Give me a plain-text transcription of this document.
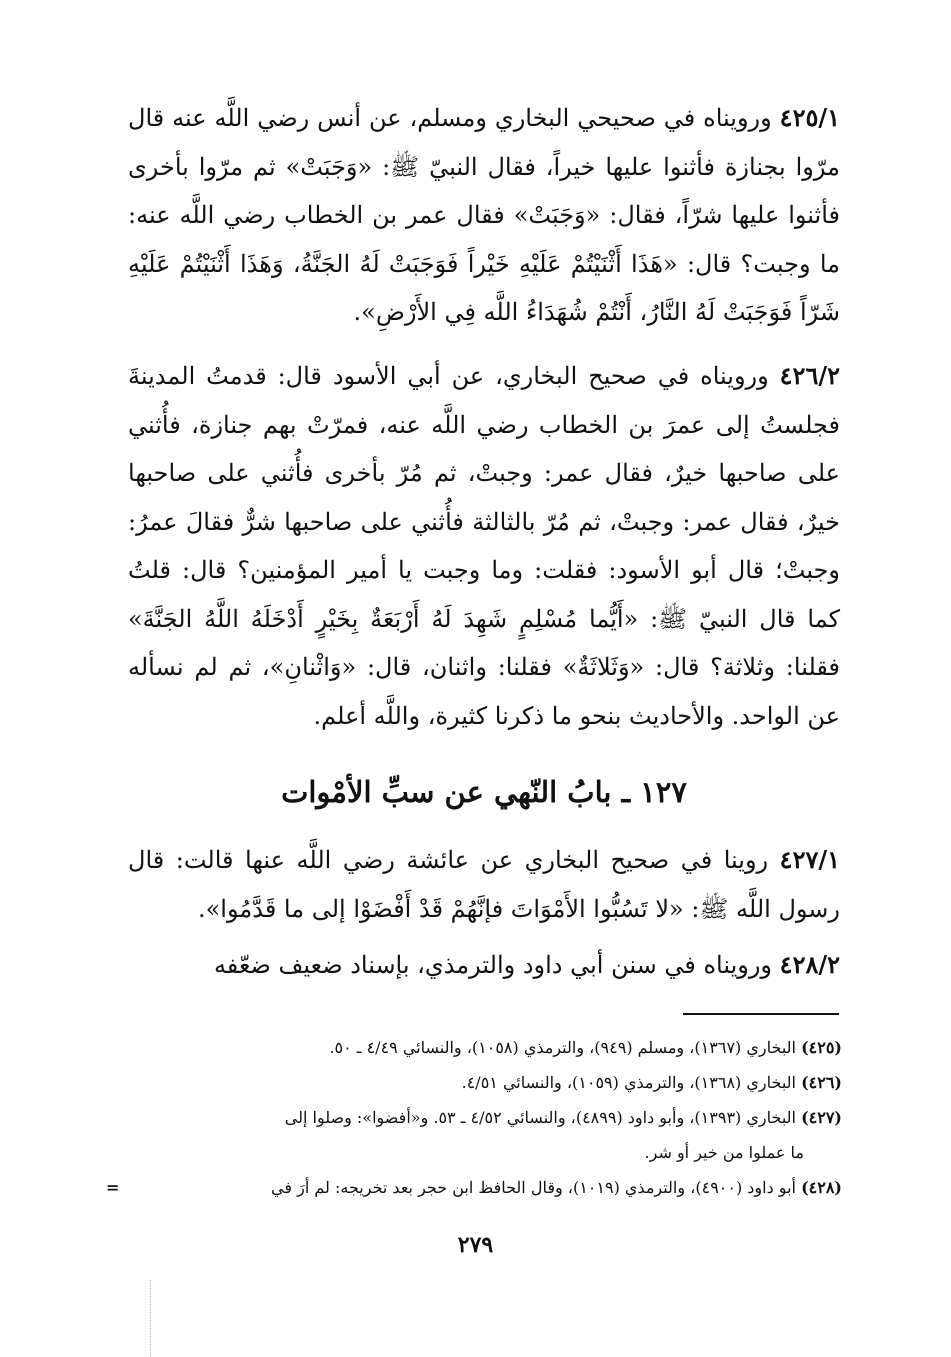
٤٢٥/١ ورويناه في صحيحي البخاري ومسلم، عن أنس رضي اللَّه عنه قال مرّوا بجنازة فأثنوا عليها خيراً، فقال النبيّ ﷺ: «وَجَبَتْ» ثم مرّوا بأخرى فأثنوا عليها شرّاً، فقال: «وَجَبَتْ» فقال عمر بن الخطاب رضي اللَّه عنه: ما وجبت؟ قال: «هَذَا أَثْنَيْتُمْ عَلَيْهِ خَيْراً فَوَجَبَتْ لَهُ الجَنَّةُ، وَهَذَا أَثْنَيْتُمْ عَلَيْهِ شَرّاً فَوَجَبَتْ لَهُ النَّارُ، أَنْتُمْ شُهَدَاءُ اللَّه فِي الأَرْضِ».
٤٢٦/٢ ورويناه في صحيح البخاري، عن أبي الأسود قال: قدمتُ المدينةَ فجلستُ إلى عمرَ بن الخطاب رضي اللَّه عنه، فمرّتْ بهم جنازة، فأُثني على صاحبها خيرٌ، فقال عمر: وجبتْ، ثم مُرّ بأخرى فأُثني على صاحبها خيرٌ، فقال عمر: وجبتْ، ثم مُرّ بالثالثة فأُثني على صاحبها شرٌّ فقالَ عمرُ: وجبتْ؛ قال أبو الأسود: فقلت: وما وجبت يا أمير المؤمنين؟ قال: قلتُ كما قال النبيّ ﷺ: «أَيُّما مُسْلِمٍ شَهِدَ لَهُ أَرْبَعَةٌ بِخَيْرٍ أَدْخَلَهُ اللَّهُ الجَنَّةَ» فقلنا: وثلاثة؟ قال: «وَثَلاثَةٌ» فقلنا: واثنان، قال: «وَاثْنانِ»، ثم لم نسأله عن الواحد. والأحاديث بنحو ما ذكرنا كثيرة، واللَّه أعلم.
١٢٧ ـ بابُ النّهي عن سبِّ الأمْوات
٤٢٧/١ روينا في صحيح البخاري عن عائشة رضي اللَّه عنها قالت: قال رسول اللَّه ﷺ: «لا تَسُبُّوا الأَمْوَاتَ فإنَّهُمْ قَدْ أَفْضَوْا إلى ما قَدَّمُوا».
٤٢٨/٢ ورويناه في سنن أبي داود والترمذي، بإسناد ضعيف ضعّفه
(٤٢٥) البخاري (١٣٦٧)، ومسلم (٩٤٩)، والترمذي (١٠٥٨)، والنسائي ٤/٤٩ ـ ٥٠.
(٤٢٦) البخاري (١٣٦٨)، والترمذي (١٠٥٩)، والنسائي ٤/٥١.
(٤٢٧) البخاري (١٣٩٣)، وأبو داود (٤٨٩٩)، والنسائي ٤/٥٢ ـ ٥٣. و«أفضوا»: وصلوا إلى
ما عملوا من خير أو شر.
(٤٢٨) أبو داود (٤٩٠٠)، والترمذي (١٠١٩)، وقال الحافظ ابن حجر بعد تخريجه: لم أرَ في
=
٢٧٩
